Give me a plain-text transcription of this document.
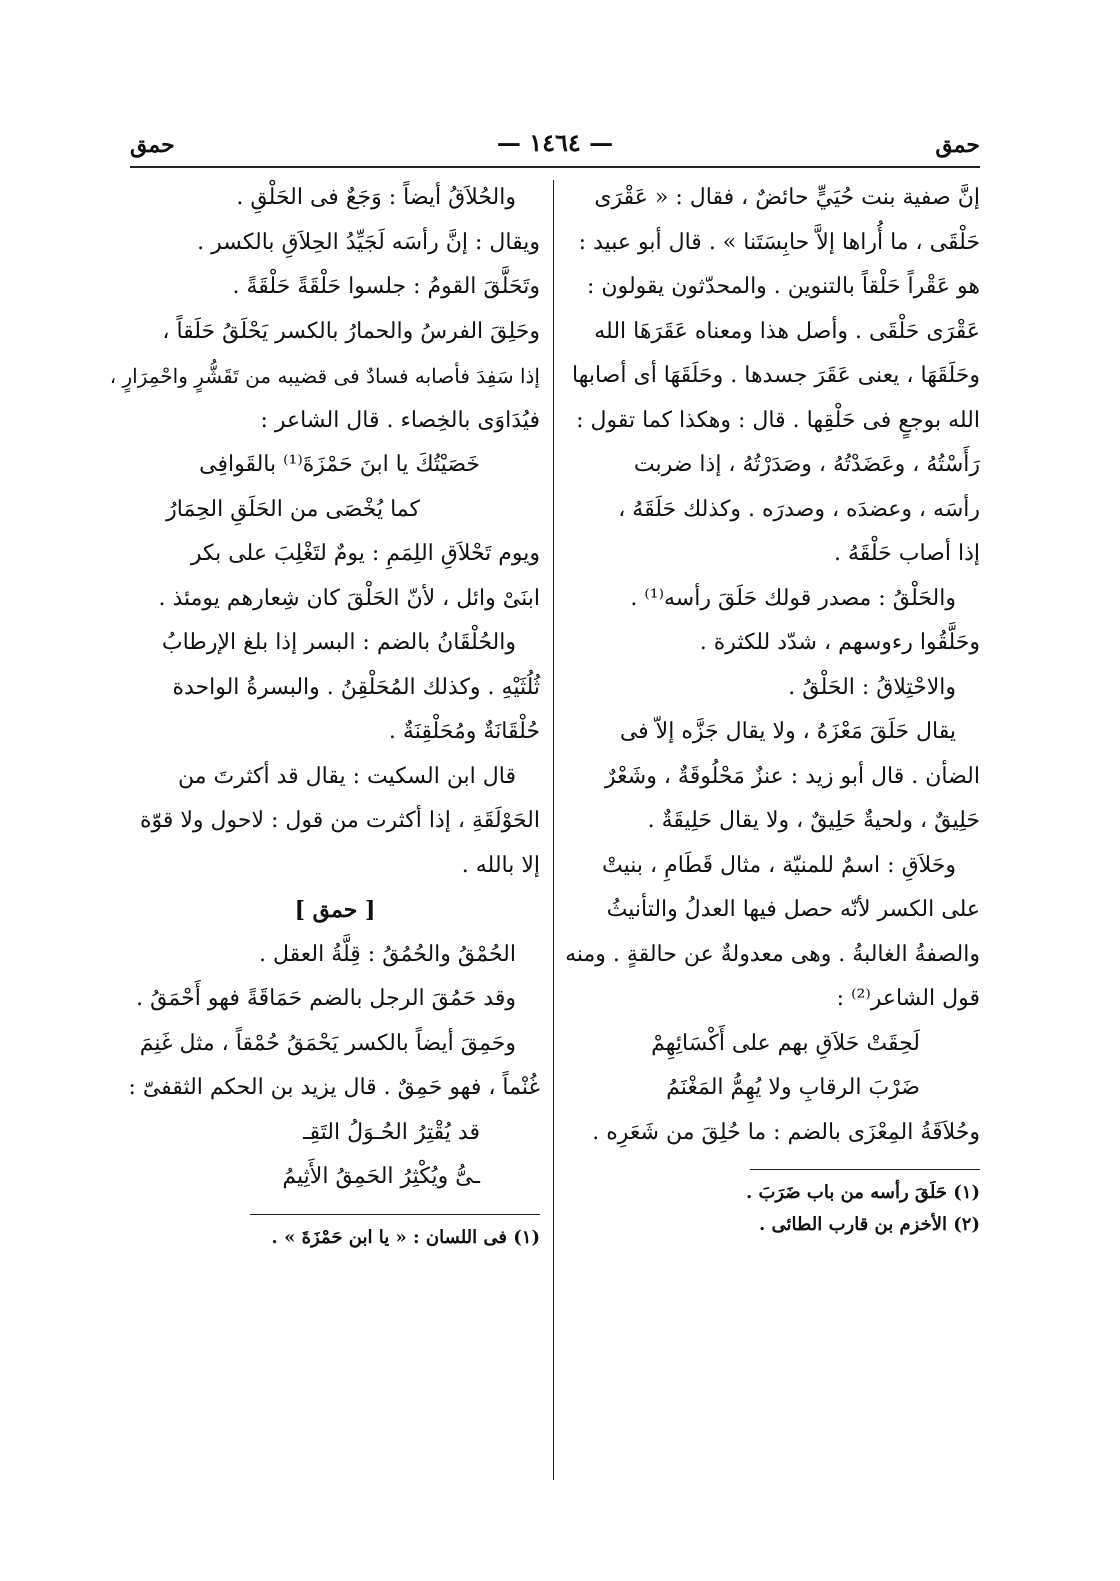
حمق
— ١٤٦٤ —
حمق
إنَّ صفية بنت حُيَيٍّ حائضٌ ، فقال : « عَقْرَى
حَلْقَى ، ما أُراها إلاَّ حابِسَتَنا » . قال أبو عبيد :
هو عَقْراً حَلْقاً بالتنوين . والمحدّثون يقولون :
عَقْرَى حَلْقَى . وأصل هذا ومعناه عَقَرَهَا الله
وحَلَقَهَا ، يعنى عَقَرَ جسدها . وحَلَقَهَا أى أصابها
الله بوجعٍ فى حَلْقِها . قال : وهكذا كما تقول :
رَأَسْتُهُ ، وعَضَدْتُهُ ، وصَدَرْتُهُ ، إذا ضربت
رأسَه ، وعضدَه ، وصدرَه . وكذلك حَلَقَهُ ،
إذا أصاب حَلْقَهُ .
والحَلْقُ : مصدر قولك حَلَقَ رأسه⁽¹⁾ .
وحَلَّقُوا رءوسهم ، شدّد للكثرة .
والاحْتِلاقُ : الحَلْقُ .
يقال حَلَقَ مَعْزَهُ ، ولا يقال جَزَّه إلاّ فى
الضأن . قال أبو زيد : عنزٌ مَحْلُوقَةٌ ، وشَعْرٌ
حَلِيقٌ ، ولحيةٌ حَلِيقٌ ، ولا يقال حَلِيقَةٌ .
وحَلاَقِ : اسمٌ للمنيّة ، مثال قَطَامِ ، بنيتْ
على الكسر لأنّه حصل فيها العدلُ والتأنيثُ
والصفةُ الغالبةُ . وهى معدولةٌ عن حالقةٍ . ومنه
قول الشاعر⁽²⁾ :
لَحِقَتْ حَلاَقِ بهم على أَكْسَائِهِمْ
ضَرْبَ الرقابِ ولا يُهِمُّ المَغْنَمُ
وحُلاَقَةُ المِعْزَى بالضم : ما حُلِقَ من شَعَرِه .
(١) حَلَقَ رأسه من باب ضَرَبَ .
(٢) الأخزم بن قارب الطائى .
والحُلاَقُ أيضاً : وَجَعٌ فى الحَلْقِ .
ويقال : إنَّ رأسَه لَجَيِّدُ الحِلاَقِ بالكسر .
وتَحَلَّقَ القومُ : جلسوا حَلْقَةً حَلْقَةً .
وحَلِقَ الفرسُ والحمارُ بالكسر يَحْلَقُ حَلَقاً ،
إذا سَفِدَ فأصابه فسادٌ فى قضيبه من تَقَشُّرٍ واحْمِرَارٍ ،
فيُدَاوَى بالخِصاء . قال الشاعر :
خَصَيْتُكَ يا ابنَ حَمْزَةَ⁽¹⁾ بالقَوافِى
كما يُخْصَى من الحَلَقِ الحِمَارُ
ويوم تَحْلاَقِ اللِمَمِ : يومٌ لتَغْلِبَ على بكر
ابنَىْ وائل ، لأنّ الحَلْقَ كان شِعارهم يومئذ .
والحُلْقَانُ بالضم : البسر إذا بلغ الإرطابُ
ثُلُثَيْهِ . وكذلك المُحَلْقِنُ . والبسرةُ الواحدة
حُلْقَانَةٌ ومُحَلْقِنَةٌ .
قال ابن السكيت : يقال قد أكثرتَ من
الحَوْلَقَةِ ، إذا أكثرت من قول : لاحول ولا قوّة
إلا بالله .
[ حمق ]
الحُمْقُ والحُمُقُ : قِلَّةُ العقل .
وقد حَمُقَ الرجل بالضم حَمَاقَةً فهو أَحْمَقُ .
وحَمِقَ أيضاً بالكسر يَحْمَقُ حُمْقاً ، مثل غَنِمَ
غُنْماً ، فهو حَمِقٌ . قال يزيد بن الحكم الثقفىّ :
قد يُقْتِرُ الحُـوَلُ التَقِـ
ـىُّ ويُكْثِرُ الحَمِقُ الأَثِيمُ
(١) فى اللسان : « يا ابن حَمْزَةَ » .
